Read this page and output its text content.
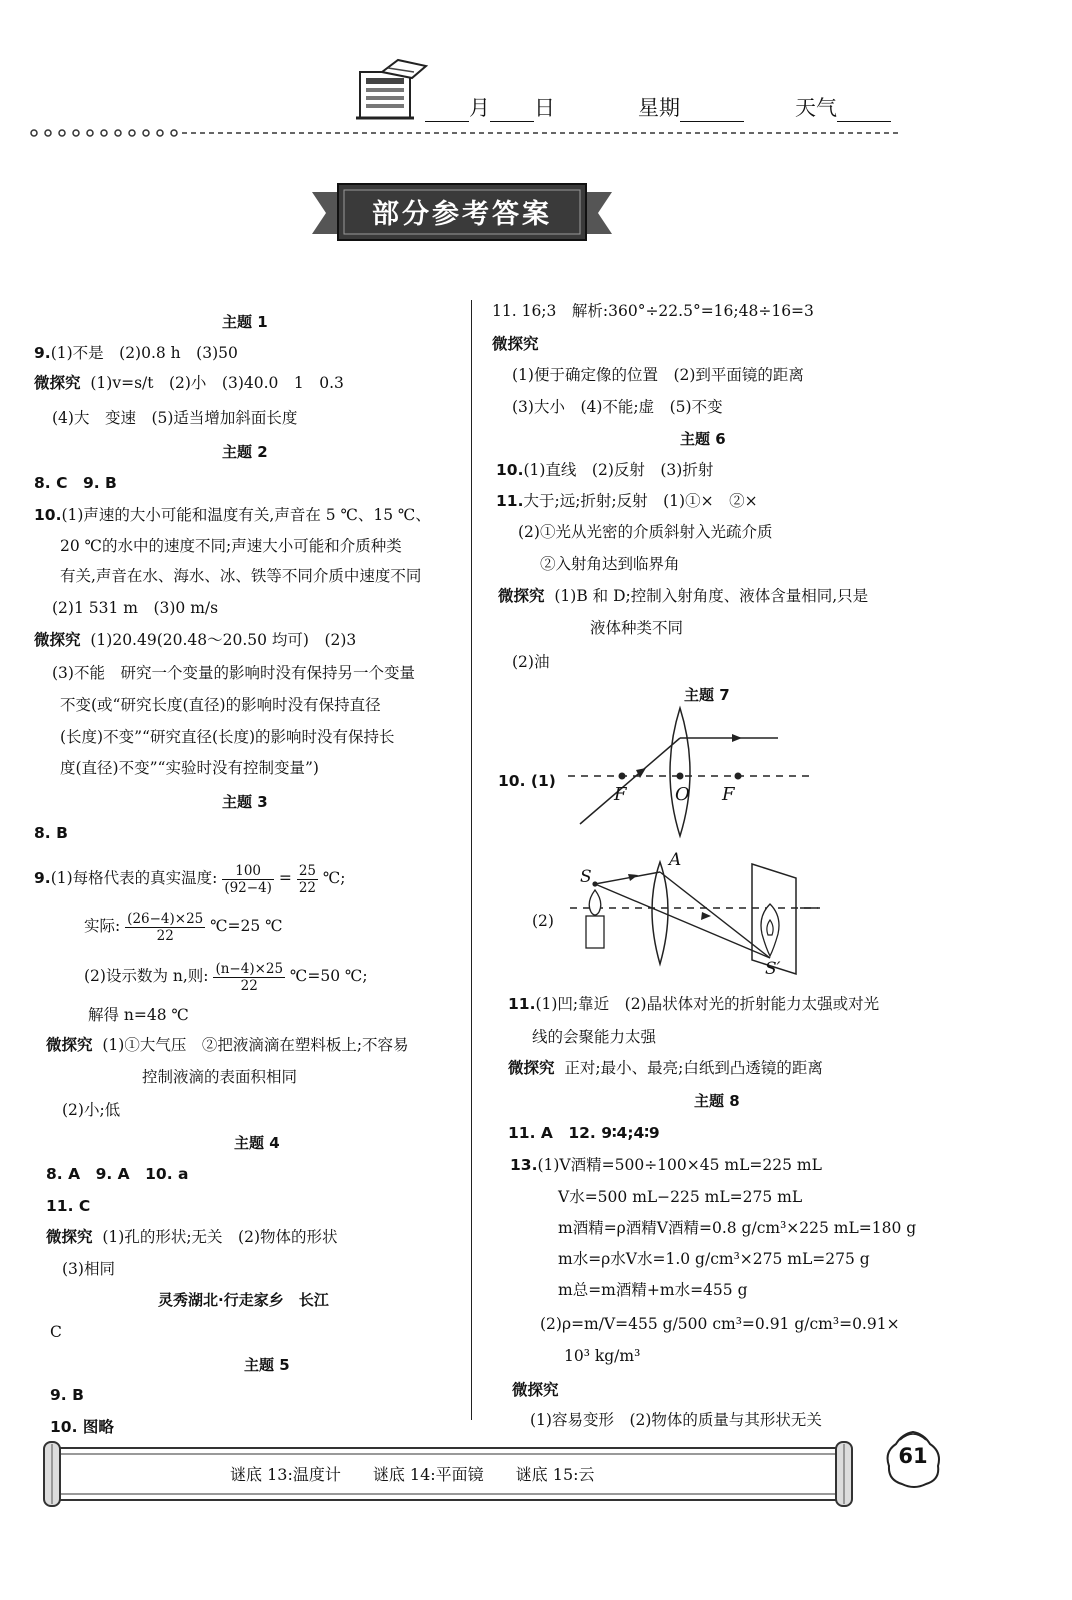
月 日	星期	天气
部分参考答案
主题 1
9.(1)不是　(2)0.8 h　(3)50
微探究 (1)v=s/t　(2)小　(3)40.0　1　0.3
(4)大　变速　(5)适当增加斜面长度
主题 2
8. C　9. B
10.(1)声速的大小可能和温度有关,声音在 5 ℃、15 ℃、
20 ℃的水中的速度不同;声速大小可能和介质种类
有关,声音在水、海水、冰、铁等不同介质中速度不同
(2)1 531 m　(3)0 m/s
微探究 (1)20.49(20.48～20.50 均可)　(2)3
(3)不能　研究一个变量的影响时没有保持另一个变量
不变(或“研究长度(直径)的影响时没有保持直径
(长度)不变”“研究直径(长度)的影响时没有保持长
度(直径)不变”“实验时没有控制变量”)
主题 3
8. B
9.(1)每格代表的真实温度: $\frac{100}{(92-4)} = \frac{25}{22}$ ℃;
实际: $\frac{(26-4)\times 25}{22}$ ℃=25 ℃
(2)设示数为 n,则: $\frac{(n-4)\times 25}{22}$ ℃=50 ℃;
解得 n=48 ℃
微探究 (1)①大气压　②把液滴滴在塑料板上;不容易
控制液滴的表面积相同
(2)小;低
主题 4
8. A　9. A　10. a
11. C
微探究 (1)孔的形状;无关　(2)物体的形状
(3)相同
灵秀湖北·行走家乡　长江
C
主题 5
9. B
10. 图略
11. 16;3　解析:360°÷22.5°=16;48÷16=3
微探究
(1)便于确定像的位置　(2)到平面镜的距离
(3)大小　(4)不能;虚　(5)不变
主题 6
10.(1)直线　(2)反射　(3)折射
11.大于;远;折射;反射　(1)①×　②×
(2)①光从光密的介质斜射入光疏介质
②入射角达到临界角
微探究 (1)B 和 D;控制入射角度、液体含量相同,只是
液体种类不同
(2)油
主题 7
10. (1)
F	O F
(2)
S
A
S′
11.(1)凹;靠近　(2)晶状体对光的折射能力太强或对光
线的会聚能力太强
微探究 正对;最小、最亮;白纸到凸透镜的距离
主题 8
11. A　12. 9∶4;4∶9
13.(1)V酒精=500÷100×45 mL=225 mL
V水=500 mL−225 mL=275 mL
m酒精=ρ酒精V酒精=0.8 g/cm³×225 mL=180 g
m水=ρ水V水=1.0 g/cm³×275 mL=275 g
m总=m酒精+m水=455 g
(2)ρ=m/V=455 g/500 cm³=0.91 g/cm³=0.91×
10³ kg/m³
微探究
(1)容易变形　(2)物体的质量与其形状无关
谜底 13:温度计　　谜底 14:平面镜　　谜底 15:云
61
